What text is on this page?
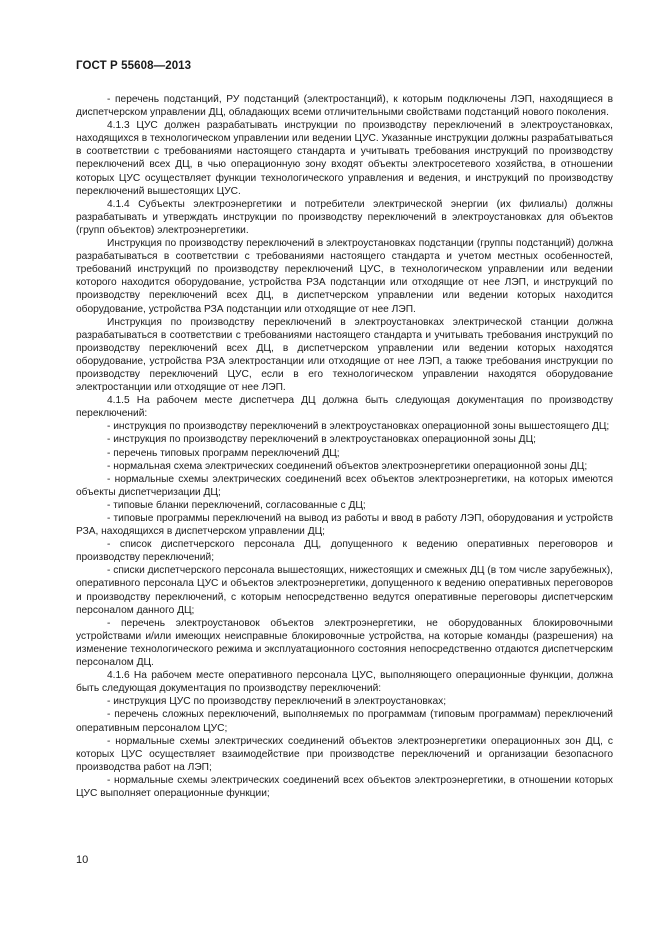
ГОСТ Р 55608—2013

- перечень подстанций, РУ подстанций (электростанций), к которым подключены ЛЭП, находящиеся в диспетчерском управлении ДЦ, обладающих всеми отличительными свойствами подстанций нового поколения.

4.1.3 ЦУС должен разрабатывать инструкции по производству переключений в электроустановках, находящихся в технологическом управлении или ведении ЦУС. Указанные инструкции должны разрабатываться в соответствии с требованиями настоящего стандарта и учитывать требования инструкций по производству переключений всех ДЦ, в чью операционную зону входят объекты электросетевого хозяйства, в отношении которых ЦУС осуществляет функции технологического управления и ведения, и инструкций по производству переключений вышестоящих ЦУС.

4.1.4 Субъекты электроэнергетики и потребители электрической энергии (их филиалы) должны разрабатывать и утверждать инструкции по производству переключений в электроустановках для объектов (групп объектов) электроэнергетики.

Инструкция по производству переключений в электроустановках подстанции (группы подстанций) должна разрабатываться в соответствии с требованиями настоящего стандарта и учетом местных особенностей, требований инструкций по производству переключений ЦУС, в технологическом управлении или ведении которого находится оборудование, устройства РЗА подстанции или отходящие от нее ЛЭП, и инструкций по производству переключений всех ДЦ, в диспетчерском управлении или ведении которых находится оборудование, устройства РЗА подстанции или отходящие от нее ЛЭП.

Инструкция по производству переключений в электроустановках электрической станции должна разрабатываться в соответствии с требованиями настоящего стандарта и учитывать требования инструкций по производству переключений всех ДЦ, в диспетчерском управлении или ведении которых находятся оборудование, устройства РЗА электростанции или отходящие от нее ЛЭП, а также требования инструкции по производству переключений ЦУС, если в его технологическом управлении находятся оборудование электростанции или отходящие от нее ЛЭП.

4.1.5 На рабочем месте диспетчера ДЦ должна быть следующая документация по производству переключений:

- инструкция по производству переключений в электроустановках операционной зоны вышестоящего ДЦ;

- инструкция по производству переключений в электроустановках операционной зоны ДЦ;

- перечень типовых программ переключений ДЦ;

- нормальная схема электрических соединений объектов электроэнергетики операционной зоны ДЦ;

- нормальные схемы электрических соединений всех объектов электроэнергетики, на которых имеются объекты диспетчеризации ДЦ;

- типовые бланки переключений, согласованные с ДЦ;

- типовые программы переключений на вывод из работы и ввод в работу ЛЭП, оборудования и устройств РЗА, находящихся в диспетчерском управлении ДЦ;

- список диспетчерского персонала ДЦ, допущенного к ведению оперативных переговоров и производству переключений;

- списки диспетчерского персонала вышестоящих, нижестоящих и смежных ДЦ (в том числе зарубежных), оперативного персонала ЦУС и объектов электроэнергетики, допущенного к ведению оперативных переговоров и производству переключений, с которым непосредственно ведутся оперативные переговоры диспетчерским персоналом данного ДЦ;

- перечень электроустановок объектов электроэнергетики, не оборудованных блокировочными устройствами и/или имеющих неисправные блокировочные устройства, на которые команды (разрешения) на изменение технологического режима и эксплуатационного состояния непосредственно отдаются диспетчерским персоналом ДЦ.

4.1.6 На рабочем месте оперативного персонала ЦУС, выполняющего операционные функции, должна быть следующая документация по производству переключений:

- инструкция ЦУС по производству переключений в электроустановках;

- перечень сложных переключений, выполняемых по программам (типовым программам) переключений оперативным персоналом ЦУС;

- нормальные схемы электрических соединений объектов электроэнергетики операционных зон ДЦ, с которых ЦУС осуществляет взаимодействие при производстве переключений и организации безопасного производства работ на ЛЭП;

- нормальные схемы электрических соединений всех объектов электроэнергетики, в отношении которых ЦУС выполняет операционные функции;

10
